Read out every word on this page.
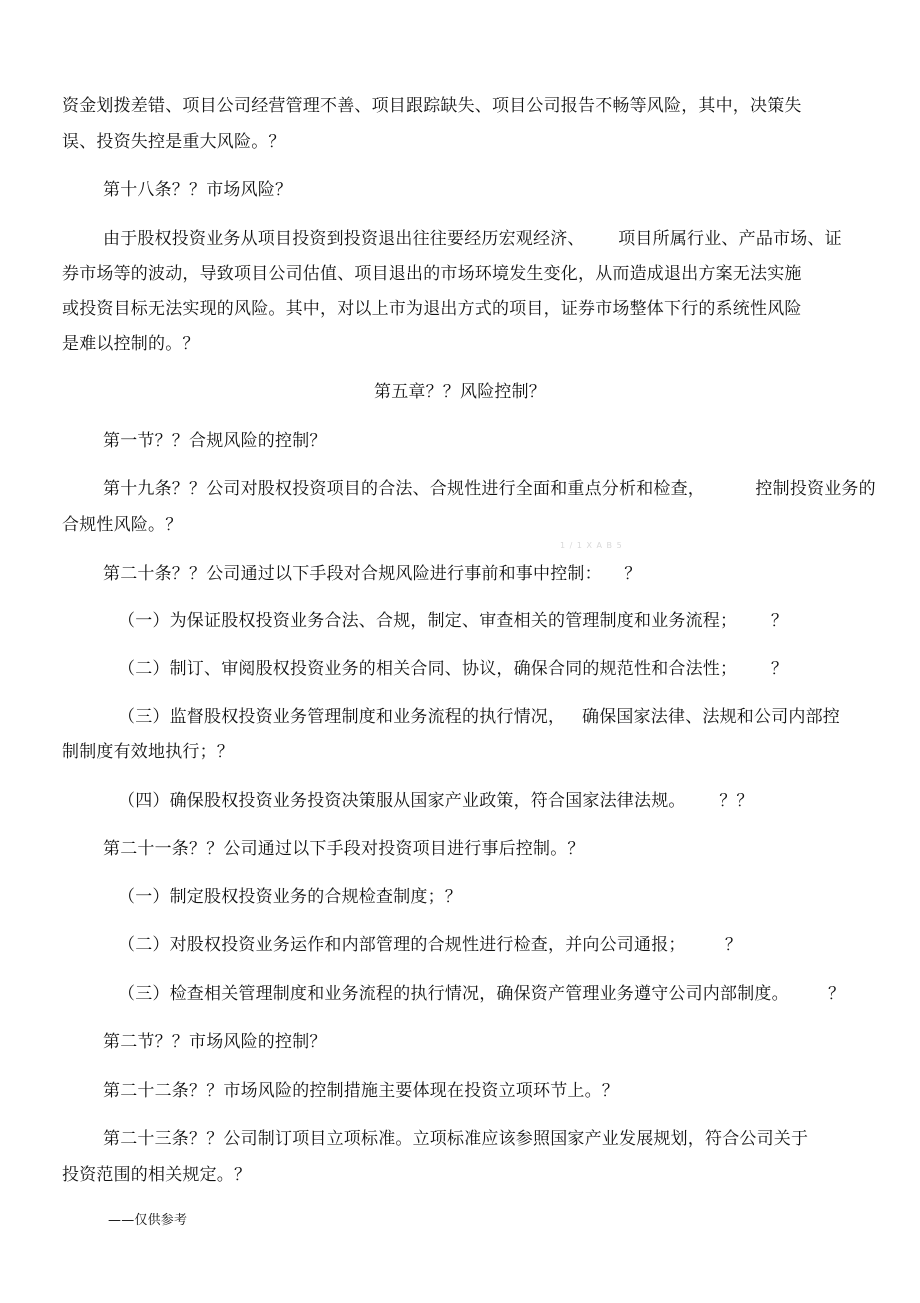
资金划拨差错、项目公司经营管理不善、项目跟踪缺失、项目公司报告不畅等风险，其中，决策失
误、投资失控是重大风险。？
第十八条？？市场风险？
由于股权投资业务从项目投资到投资退出往往要经历宏观经济、      项目所属行业、产品市场、证
券市场等的波动，导致项目公司估值、项目退出的市场环境发生变化，从而造成退出方案无法实施
或投资目标无法实现的风险。其中，对以上市为退出方式的项目，证券市场整体下行的系统性风险
是难以控制的。？
第五章？？风险控制？
第一节？？合规风险的控制？
第十九条？？公司对股权投资项目的合法、合规性进行全面和重点分析和检查，         控制投资业务的
合规性风险。？
1 / 1 X A B 5
第二十条？？公司通过以下手段对合规风险进行事前和事中控制：    ？
（一）为保证股权投资业务合法、合规，制定、审查相关的管理制度和业务流程；      ？
（二）制订、审阅股权投资业务的相关合同、协议，确保合同的规范性和合法性；      ？
（三）监督股权投资业务管理制度和业务流程的执行情况，   确保国家法律、法规和公司内部控
制制度有效地执行；？
（四）确保股权投资业务投资决策服从国家产业政策，符合国家法律法规。      ？？
第二十一条？？公司通过以下手段对投资项目进行事后控制。？
（一）制定股权投资业务的合规检查制度；？
（二）对股权投资业务运作和内部管理的合规性进行检查，并向公司通报；       ？
（三）检查相关管理制度和业务流程的执行情况，确保资产管理业务遵守公司内部制度。       ？
第二节？？市场风险的控制？
第二十二条？？市场风险的控制措施主要体现在投资立项环节上。？
第二十三条？？公司制订项目立项标准。立项标准应该参照国家产业发展规划，符合公司关于
投资范围的相关规定。？
——仅供参考
